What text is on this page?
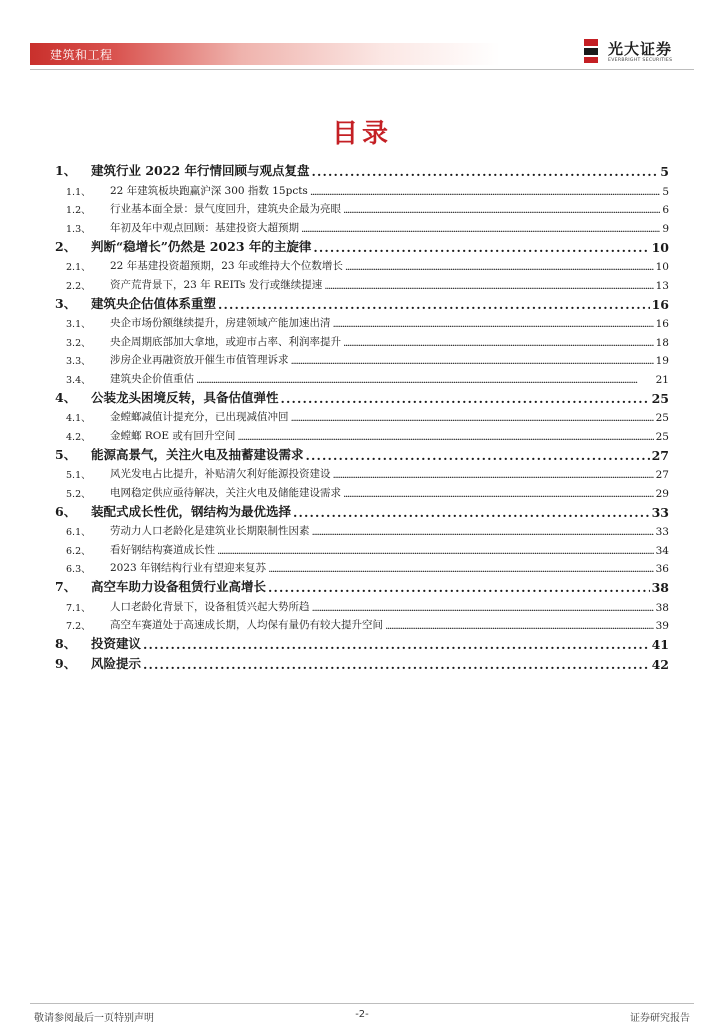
建筑和工程	光大证券
EVERBRIGHT SECURITIES
目录
1、	建筑行业 2022 年行情回顾与观点复盘 . . .	5
1.1、	22 年建筑板块跑赢沪深 300 指数 15pcts . . .	5
1.2、	行业基本面全景：景气度回升，建筑央企最为亮眼 . . .	6
1.3、	年初及年中观点回顾：基建投资大超预期 . . .	9
2、	判断“稳增长”仍然是 2023 年的主旋律 . . .	10
2.1、	22 年基建投资超预期，23 年或维持大个位数增长 . . .	10
2.2、	资产荒背景下，23 年 REITs 发行或继续提速 . . .	13
3、	建筑央企估值体系重塑 . . .	16
3.1、	央企市场份额继续提升，房建领域产能加速出清 . . .	16
3.2、	央企周期底部加大拿地，或迎市占率、利润率提升 . . .	18
3.3、	涉房企业再融资放开催生市值管理诉求 . . .	19
3.4、	建筑央企价值重估 . . .	21
4、	公装龙头困境反转，具备估值弹性 . . .	25
4.1、	金螳螂减值计提充分，已出现减值冲回 . . .	25
4.2、	金螳螂 ROE 或有回升空间 . . .	25
5、	能源高景气，关注火电及抽蓄建设需求 . . .	27
5.1、	风光发电占比提升，补贴清欠利好能源投资建设 . . .	27
5.2、	电网稳定供应亟待解决，关注火电及储能建设需求 . . .	29
6、	装配式成长性优，钢结构为最优选择 . . .	33
6.1、	劳动力人口老龄化是建筑业长期限制性因素 . . .	33
6.2、	看好钢结构赛道成长性 . . .	34
6.3、	2023 年钢结构行业有望迎来复苏 . . .	36
7、	高空车助力设备租赁行业高增长 . . .	38
7.1、	人口老龄化背景下，设备租赁兴起大势所趋 . . .	38
7.2、	高空车赛道处于高速成长期，人均保有量仍有较大提升空间 . . .	39
8、	投资建议 . . .	41
9、	风险提示 . . .	42
敬请参阅最后一页特别声明	-2-	证券研究报告
